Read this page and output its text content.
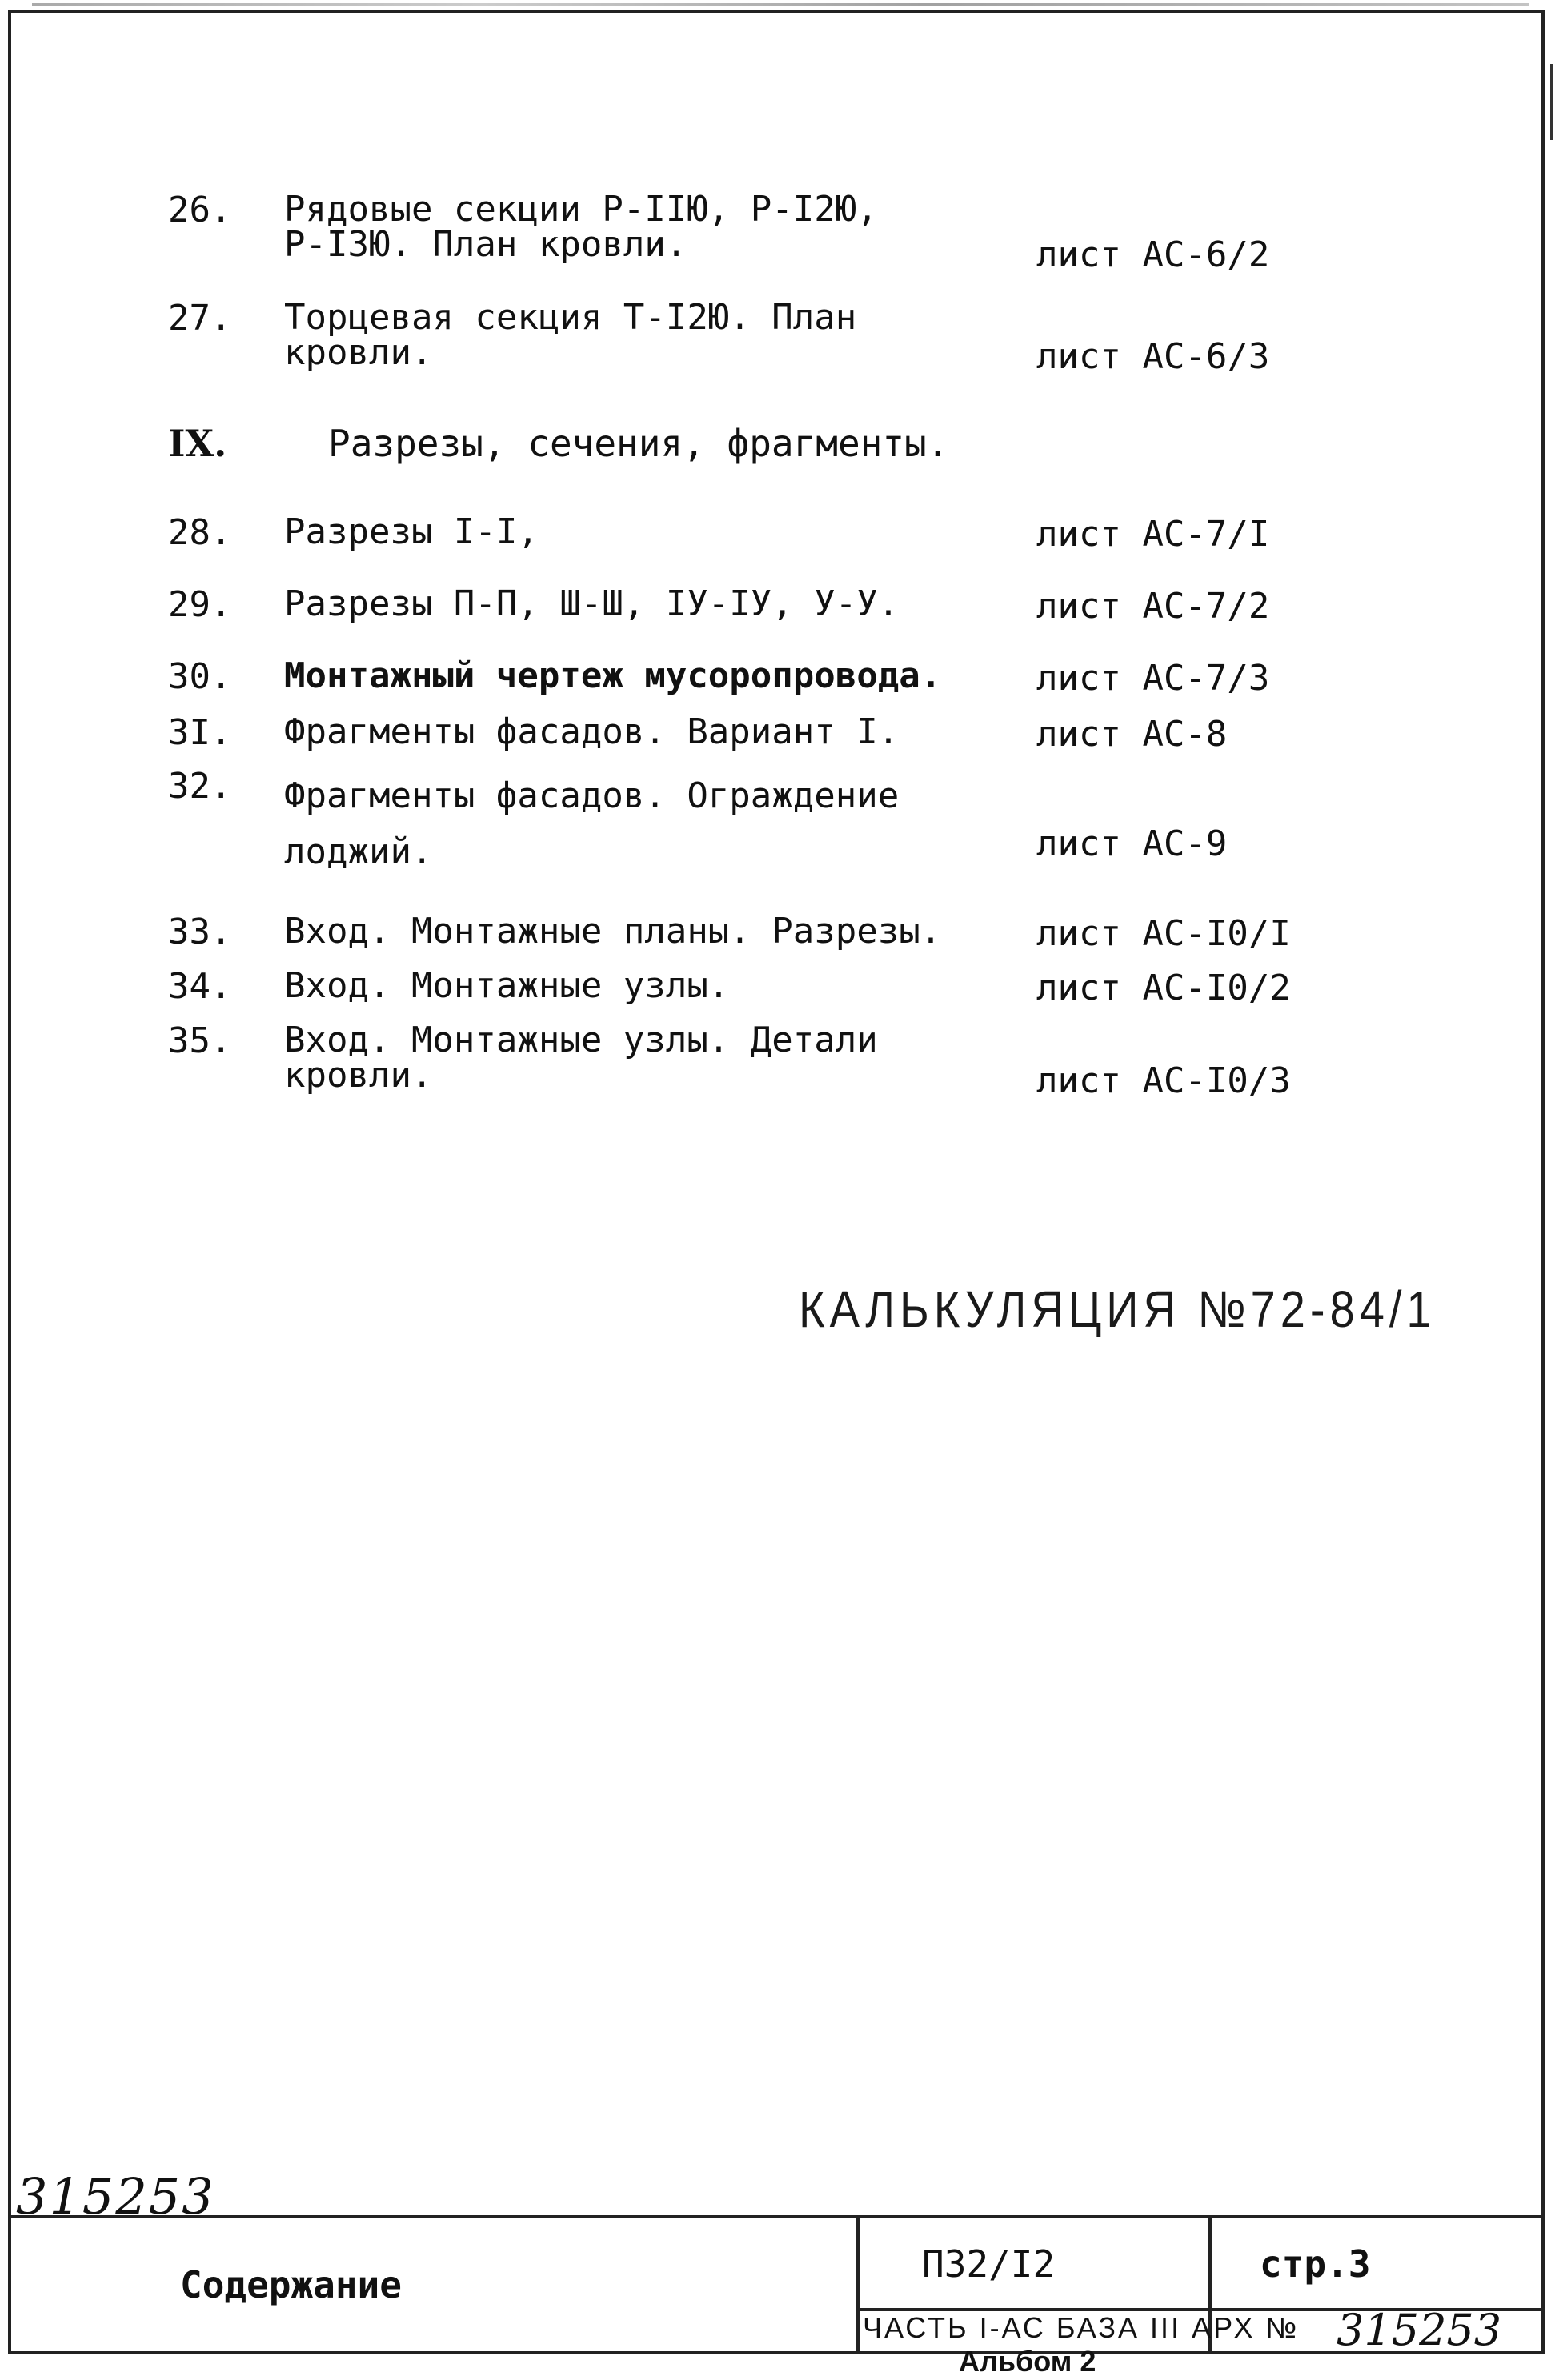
26. Рядовые секции Р-IIЮ, Р-I2Ю,
Р-I3Ю. План кровли.	лист АС-6/2
27. Торцевая секция Т-I2Ю. План
кровли.	лист АС-6/3
IX.	Разрезы, сечения, фрагменты.
28. Разрезы I-I,	лист АС-7/I
29. Разрезы П-П, Ш-Ш, IУ-IУ, У-У.	лист АС-7/2
30. Монтажный чертеж мусоропровода.	лист АС-7/3
3I. Фрагменты фасадов. Вариант I.	лист АС-8
32. Фрагменты фасадов. Ограждение
лоджий.	лист АС-9
33. Вход. Монтажные планы. Разрезы.	лист АС-I0/I
34. Вход. Монтажные узлы.	лист АС-I0/2
35. Вход. Монтажные узлы. Детали
кровли.	лист АС-I0/3
КАЛЬКУЛЯЦИЯ №72-84/1
315253
Содержание	П32/I2	стр.3
ЧАСТЬ I-АС БАЗА III АРХ № 315253
Альбом 2
